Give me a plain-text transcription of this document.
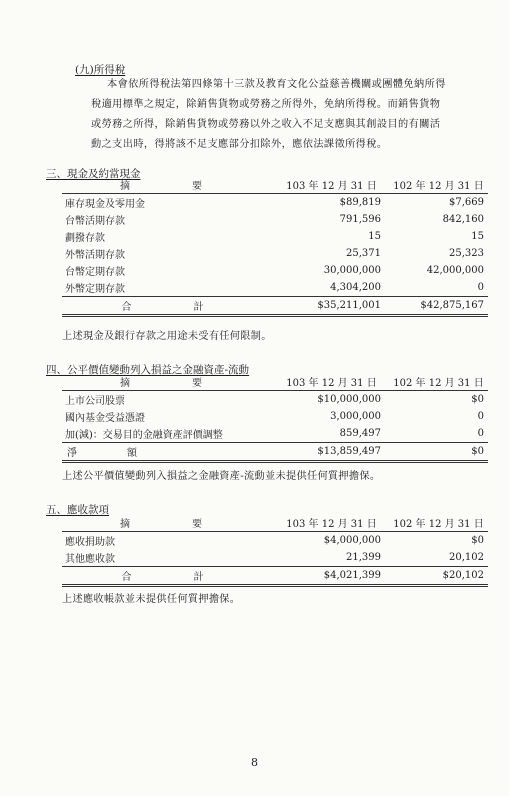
(九)所得稅
本會依所得稅法第四條第十三款及教育文化公益慈善機關或團體免納所得
稅適用標準之規定，除銷售貨物或勞務之所得外，免納所得稅。而銷售貨物
或勞務之所得，除銷售貨物或勞務以外之收入不足支應與其創設目的有關活
動之支出時，得將該不足支應部分扣除外，應依法課徵所得稅。
三、現金及約當現金
摘　　要	103 年 12 月 31 日	102 年 12 月 31 日
庫存現金及零用金	$89,819	$7,669
台幣活期存款	791,596	842,160
劃撥存款	15	15
外幣活期存款	25,371	25,323
台幣定期存款	30,000,000	42,000,000
外幣定期存款	4,304,200	0
合　　計	$35,211,001	$42,875,167
上述現金及銀行存款之用途未受有任何限制。
四、公平價值變動列入損益之金融資產-流動
摘　　要	103 年 12 月 31 日	102 年 12 月 31 日
上市公司股票	$10,000,000	$0
國內基金受益憑證	3,000,000	0
加(減)：交易目的金融資產評價調整	859,497	0
淨　　額	$13,859,497	$0
上述公平價值變動列入損益之金融資產-流動並未提供任何質押擔保。
五、應收款項
摘　　要	103 年 12 月 31 日	102 年 12 月 31 日
應收捐助款	$4,000,000	$0
其他應收款	21,399	20,102
合　　計	$4,021,399	$20,102
上述應收帳款並未提供任何質押擔保。
8
